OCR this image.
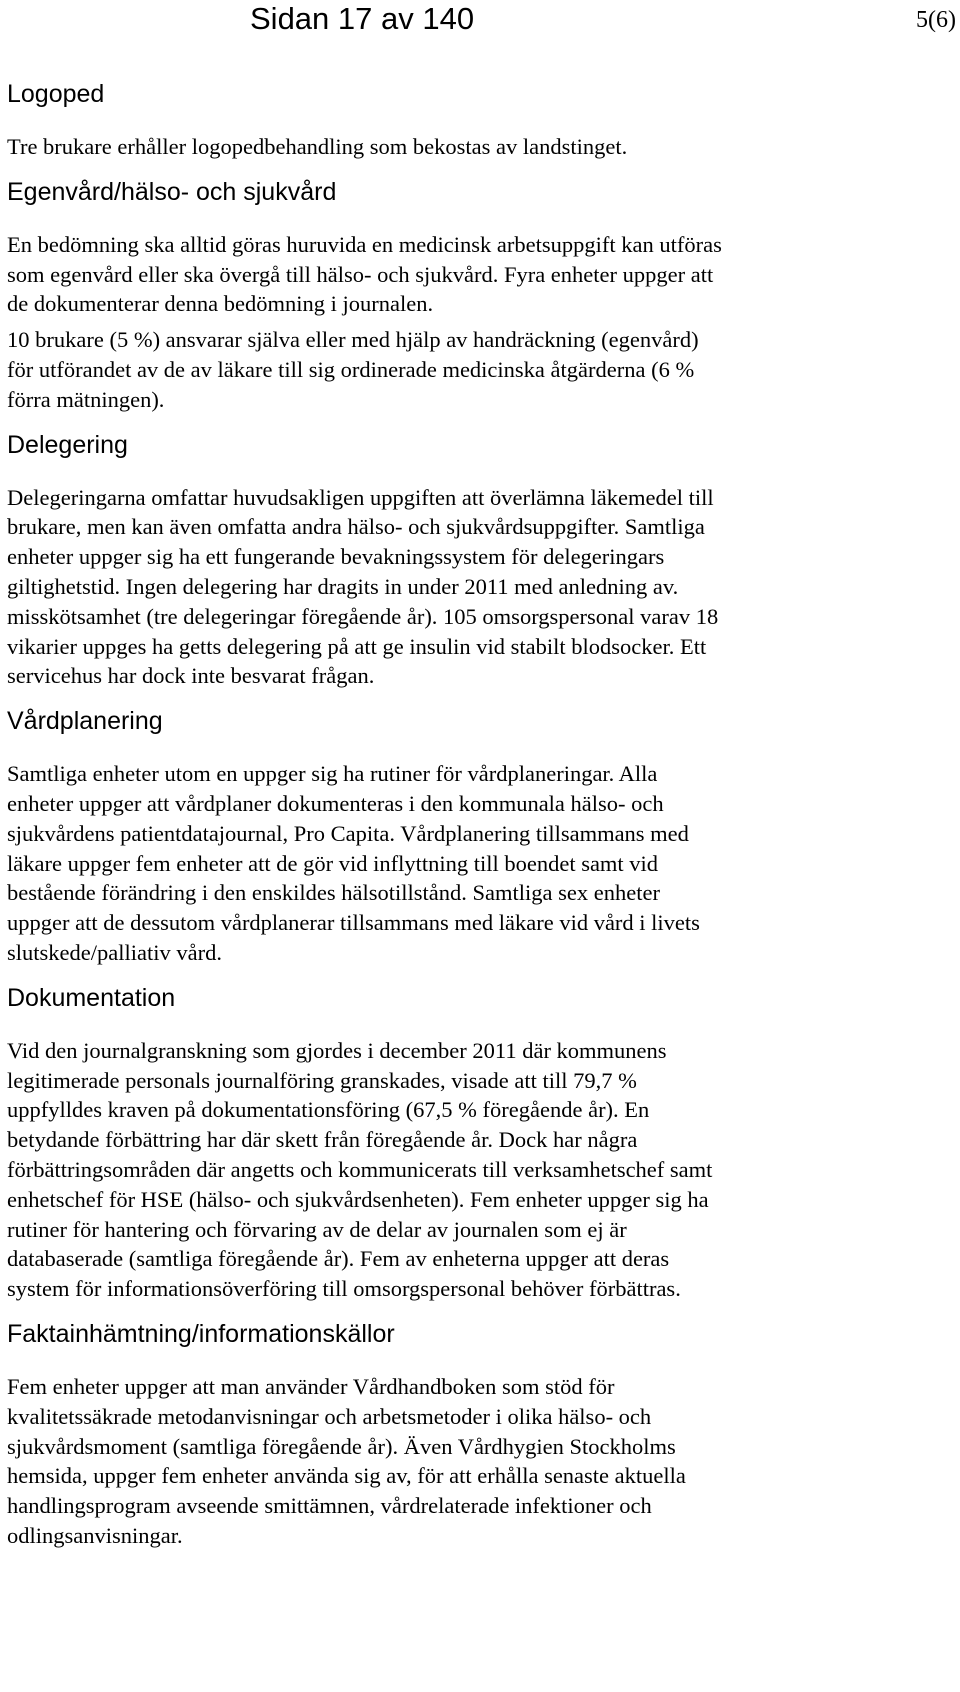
Sidan 17 av 140	5(6)
Logoped

Tre brukare erhåller logopedbehandling som bekostas av landstinget.

Egenvård/hälso- och sjukvård

En bedömning ska alltid göras huruvida en medicinsk arbetsuppgift kan utföras
som egenvård eller ska övergå till hälso- och sjukvård. Fyra enheter uppger att
de dokumenterar denna bedömning i journalen.

10 brukare (5 %) ansvarar själva eller med hjälp av handräckning (egenvård)
för utförandet av de av läkare till sig ordinerade medicinska åtgärderna (6 %
förra mätningen).

Delegering

Delegeringarna omfattar huvudsakligen uppgiften att överlämna läkemedel till
brukare, men kan även omfatta andra hälso- och sjukvårdsuppgifter. Samtliga
enheter uppger sig ha ett fungerande bevakningssystem för delegeringars
giltighetstid. Ingen delegering har dragits in under 2011 med anledning av.
misskötsamhet (tre delegeringar föregående år). 105 omsorgspersonal varav 18
vikarier uppges ha getts delegering på att ge insulin vid stabilt blodsocker. Ett
servicehus har dock inte besvarat frågan.

Vårdplanering

Samtliga enheter utom en uppger sig ha rutiner för vårdplaneringar. Alla
enheter uppger att vårdplaner dokumenteras i den kommunala hälso- och
sjukvårdens patientdatajournal, Pro Capita. Vårdplanering tillsammans med
läkare uppger fem enheter att de gör vid inflyttning till boendet samt vid
bestående förändring i den enskildes hälsotillstånd. Samtliga sex enheter
uppger att de dessutom vårdplanerar tillsammans med läkare vid vård i livets
slutskede/palliativ vård.

Dokumentation

Vid den journalgranskning som gjordes i december 2011 där kommunens
legitimerade personals journalföring granskades, visade att till 79,7 %
uppfylldes kraven på dokumentationsföring (67,5 % föregående år). En
betydande förbättring har där skett från föregående år. Dock har några
förbättringsområden där angetts och kommunicerats till verksamhetschef samt
enhetschef för HSE (hälso- och sjukvårdsenheten). Fem enheter uppger sig ha
rutiner för hantering och förvaring av de delar av journalen som ej är
databaserade (samtliga föregående år). Fem av enheterna uppger att deras
system för informationsöverföring till omsorgspersonal behöver förbättras.

Faktainhämtning/informationskällor

Fem enheter uppger att man använder Vårdhandboken som stöd för
kvalitetssäkrade metodanvisningar och arbetsmetoder i olika hälso- och
sjukvårdsmoment (samtliga föregående år). Även Vårdhygien Stockholms
hemsida, uppger fem enheter använda sig av, för att erhålla senaste aktuella
handlingsprogram avseende smittämnen, vårdrelaterade infektioner och
odlingsanvisningar.
